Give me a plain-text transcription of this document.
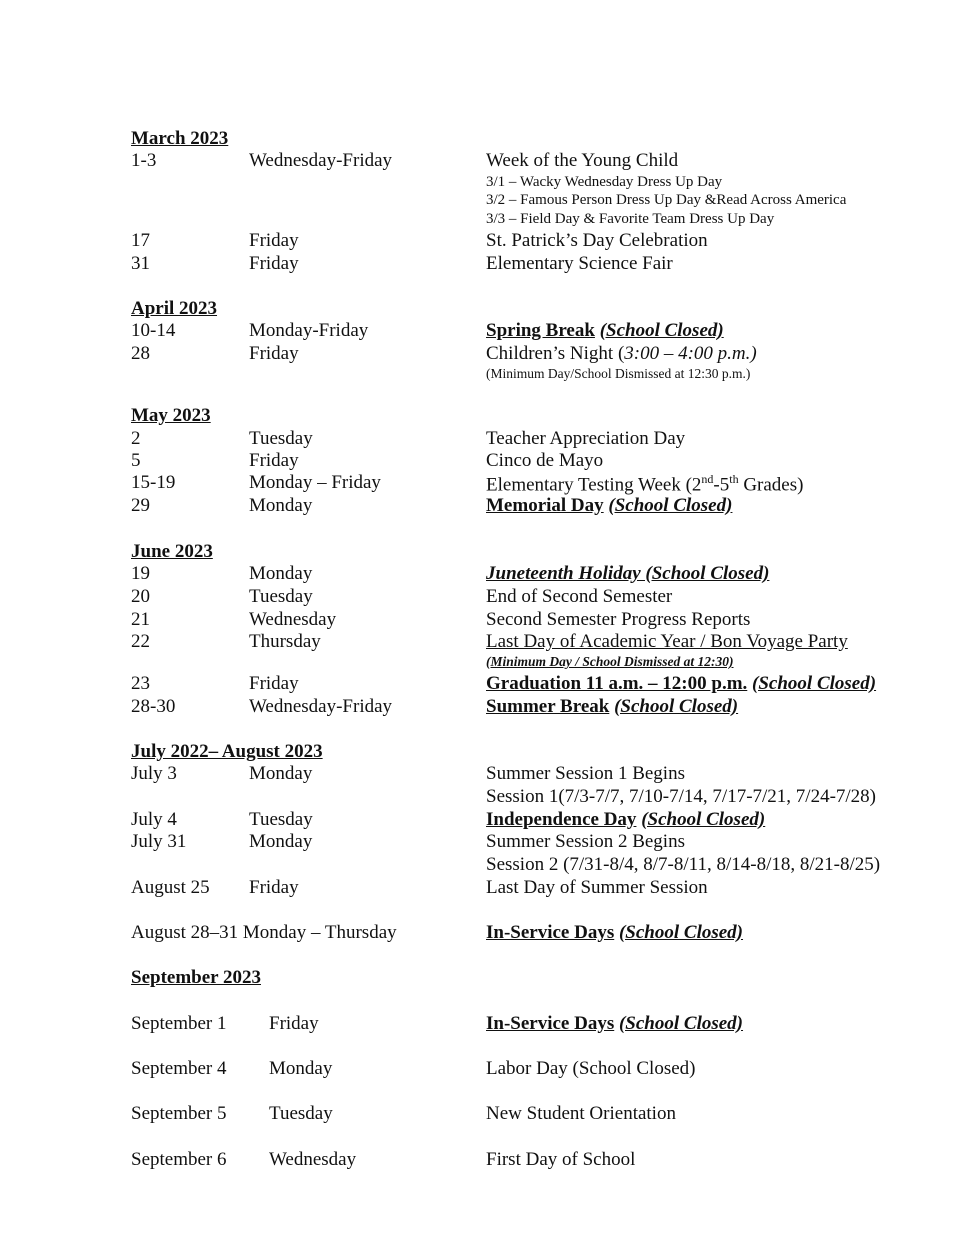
March 2023
1-3	Wednesday-Friday	Week of the Young Child
3/1 – Wacky Wednesday Dress Up Day
3/2 – Famous Person Dress Up Day &Read Across America
3/3 – Field Day & Favorite Team Dress Up Day
17	Friday	St. Patrick’s Day Celebration
31	Friday	Elementary Science Fair
April 2023
10-14	Monday-Friday	Spring Break (School Closed)
28	Friday	Children’s Night (3:00 – 4:00 p.m.)
(Minimum Day/School Dismissed at 12:30 p.m.)
May 2023
2	Tuesday	Teacher Appreciation Day
5	Friday	Cinco de Mayo
15-19	Monday – Friday	Elementary Testing Week (2nd-5th Grades)
29	Monday	Memorial Day (School Closed)
June 2023
19	Monday	Juneteenth Holiday (School Closed)
20	Tuesday	End of Second Semester
21	Wednesday	Second Semester Progress Reports
22	Thursday	Last Day of Academic Year / Bon Voyage Party
(Minimum Day / School Dismissed at 12:30)
23	Friday	Graduation 11 a.m. – 12:00 p.m. (School Closed)
28-30	Wednesday-Friday	Summer Break (School Closed)
July 2022– August 2023
July 3	Monday	Summer Session 1 Begins
Session 1(7/3-7/7, 7/10-7/14, 7/17-7/21, 7/24-7/28)
July 4	Tuesday	Independence Day (School Closed)
July 31	Monday	Summer Session 2 Begins
Session 2 (7/31-8/4, 8/7-8/11, 8/14-8/18, 8/21-8/25)
August 25 Friday	Last Day of Summer Session
August 28–31 Monday – Thursday	In-Service Days (School Closed)
September 2023
September 1 Friday	In-Service Days (School Closed)
September 4 Monday	Labor Day (School Closed)
September 5 Tuesday	New Student Orientation
September 6 Wednesday	First Day of School
